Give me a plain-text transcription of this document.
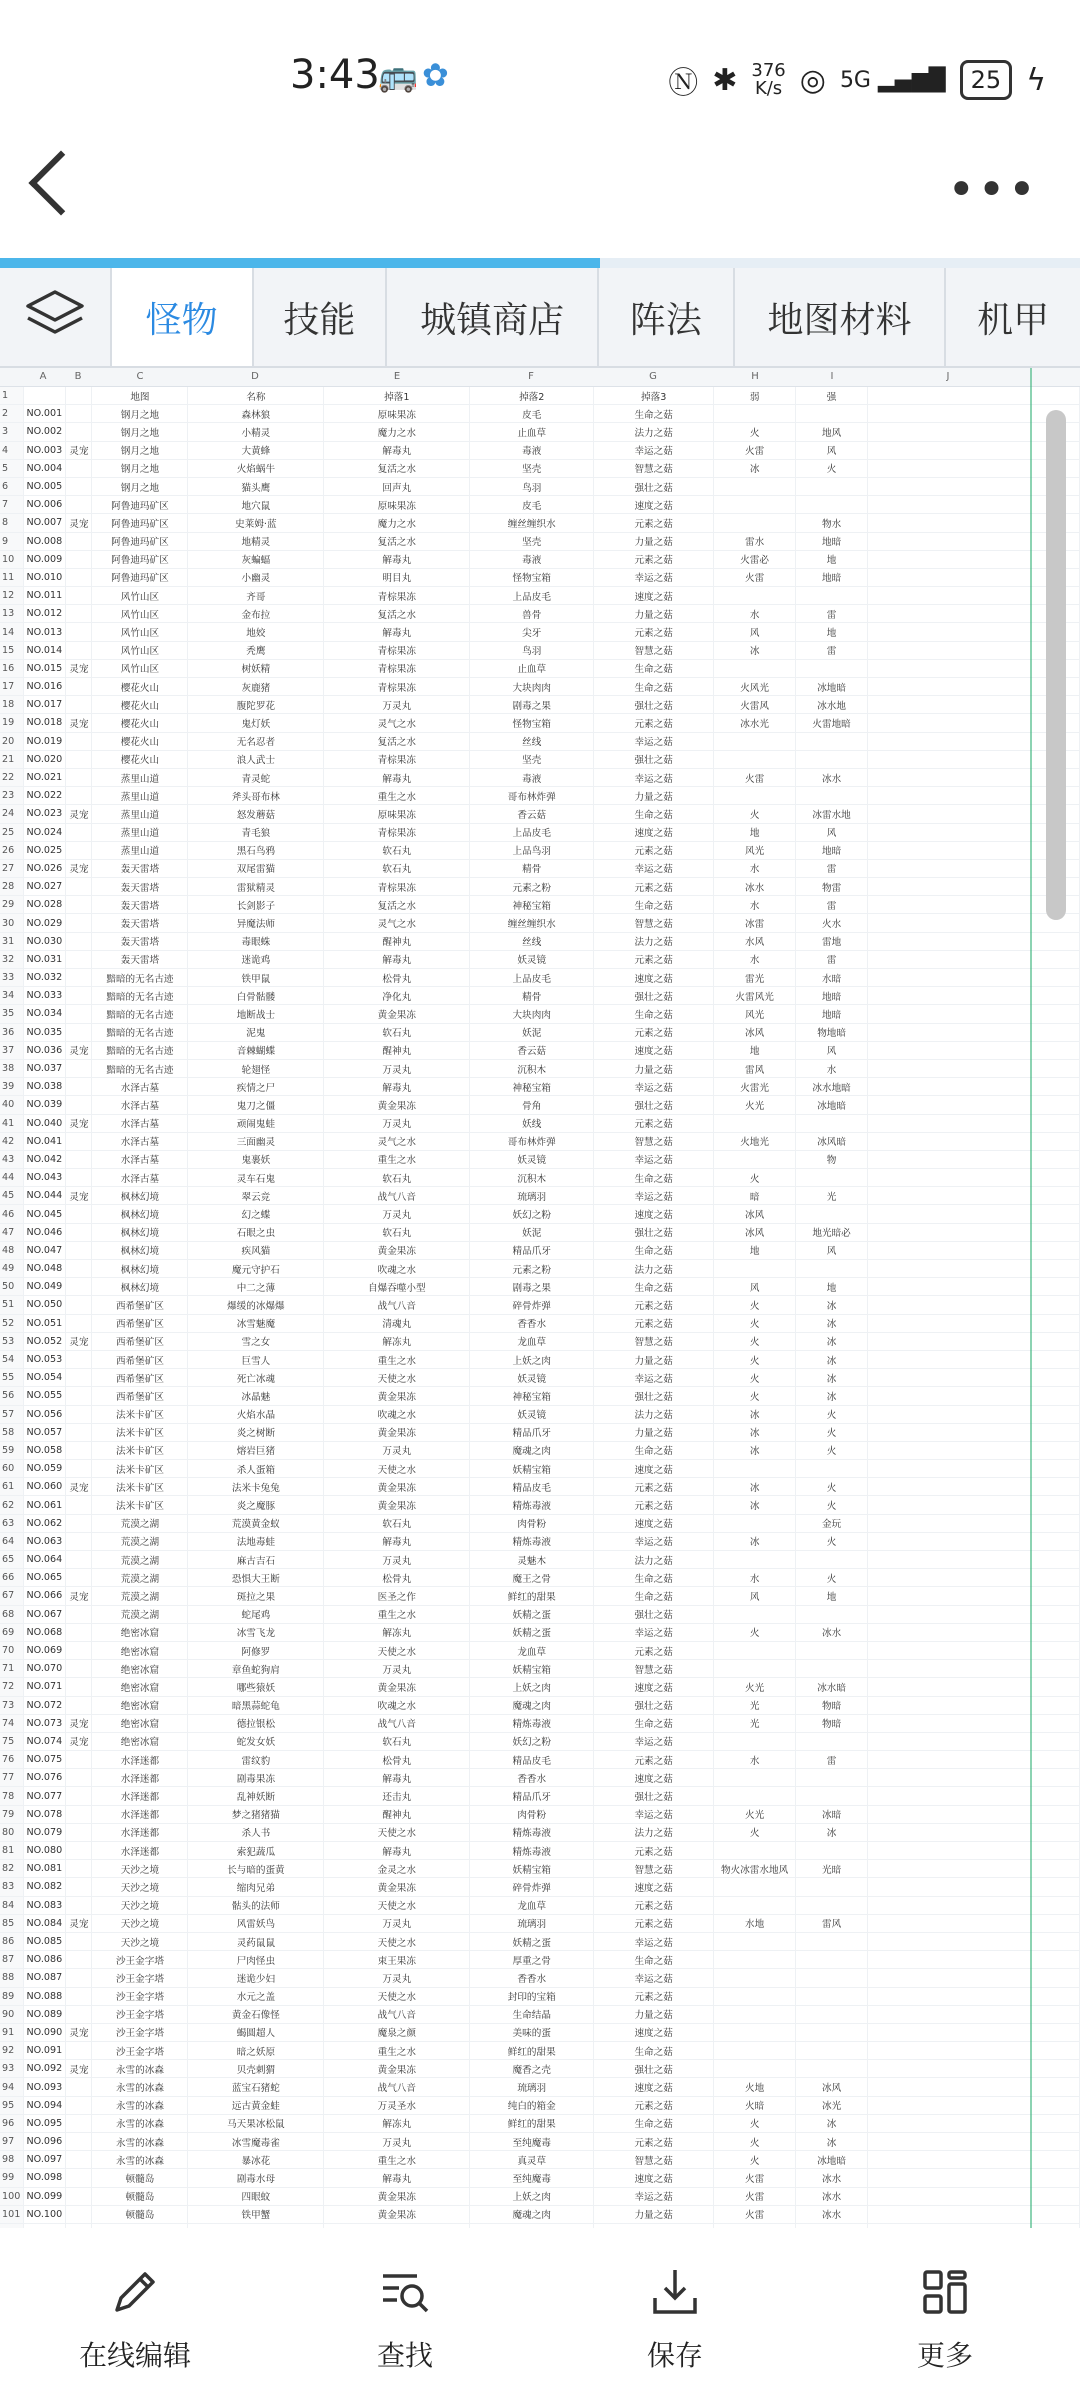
3:43
🚌 ✿	Ⓝ ✱ 376
K/s ◎ 5G ▂▄▆█	25 ϟ
•••
怪物	技能	城镇商店	阵法	地图材料	机甲
A	B	C	D	E	F	G	H	I	J
1			地图	名称	掉落1	掉落2	掉落3	弱	强	
2	NO.001		钢月之地	森林狼	原味果冻	皮毛	生命之菇			
3	NO.002		钢月之地	小精灵	魔力之水	止血草	法力之菇	火	地风	
4	NO.003	灵宠	钢月之地	大黄蜂	解毒丸	毒液	幸运之菇	火雷	风	
5	NO.004		钢月之地	火焰蜗牛	复活之水	坚壳	智慧之菇	冰	火	
6	NO.005		钢月之地	猫头鹰	回声丸	鸟羽	强壮之菇			
7	NO.006		阿鲁迪玛矿区	地穴鼠	原味果冻	皮毛	速度之菇			
8	NO.007	灵宠	阿鲁迪玛矿区	史莱姆·蓝	魔力之水	缠丝缠织水	元素之菇		物水	
9	NO.008		阿鲁迪玛矿区	地精灵	复活之水	坚壳	力量之菇	雷水	地暗	
10	NO.009		阿鲁迪玛矿区	灰蝙蝠	解毒丸	毒液	元素之菇	火雷必	地	
11	NO.010		阿鲁迪玛矿区	小幽灵	明目丸	怪物宝箱	幸运之菇	火雷	地暗	
12	NO.011		风竹山区	齐哥	青棕果冻	上品皮毛	速度之菇			
13	NO.012		风竹山区	金布拉	复活之水	兽骨	力量之菇	水	雷	
14	NO.013		风竹山区	地姣	解毒丸	尖牙	元素之菇	风	地	
15	NO.014		风竹山区	秃鹰	青棕果冻	鸟羽	智慧之菇	冰	雷	
16	NO.015	灵宠	风竹山区	树妖精	青棕果冻	止血草	生命之菇			
17	NO.016		樱花火山	灰鹿猪	青棕果冻	大块肉肉	生命之菇	火风光	冰地暗	
18	NO.017		樱花火山	腹陀罗花	万灵丸	剧毒之果	强壮之菇	火雷风	冰水地	
19	NO.018	灵宠	樱花火山	鬼灯妖	灵气之水	怪物宝箱	元素之菇	冰水光	火雷地暗	
20	NO.019		樱花火山	无名忍者	复活之水	丝线	幸运之菇			
21	NO.020		樱花火山	浪人武士	青棕果冻	坚壳	强壮之菇			
22	NO.021		蒸里山道	青灵蛇	解毒丸	毒液	幸运之菇	火雷	冰水	
23	NO.022		蒸里山道	斧头哥布林	重生之水	哥布林炸弹	力量之菇			
24	NO.023	灵宠	蒸里山道	怒发蘑菇	原味果冻	香云菇	生命之菇	火	冰雷水地	
25	NO.024		蒸里山道	青毛狼	青棕果冻	上品皮毛	速度之菇	地	风	
26	NO.025		蒸里山道	黑石鸟鸦	软石丸	上品鸟羽	元素之菇	风光	地暗	
27	NO.026	灵宠	轰天雷塔	双尾雷猫	软石丸	精骨	幸运之菇	水	雷	
28	NO.027		轰天雷塔	雷狱精灵	青棕果冻	元素之粉	元素之菇	冰水	物雷	
29	NO.028		轰天雷塔	长剑影子	复活之水	神秘宝箱	生命之菇	水	雷	
30	NO.029		轰天雷塔	异魔法师	灵气之水	缠丝缠织水	智慧之菇	冰雷	火水	
31	NO.030		轰天雷塔	毒眼蛛	醒神丸	丝线	法力之菇	水风	雷地	
32	NO.031		轰天雷塔	迷诡鸡	解毒丸	妖灵镜	元素之菇	水	雷	
33	NO.032		黯暗的无名古迹	铁甲鼠	松骨丸	上品皮毛	速度之菇	雷光	水暗	
34	NO.033		黯暗的无名古迹	白骨骷髅	净化丸	精骨	强壮之菇	火雷风光	地暗	
35	NO.034		黯暗的无名古迹	地断战士	黄金果冻	大块肉肉	生命之菇	风光	地暗	
36	NO.035		黯暗的无名古迹	泥鬼	软石丸	妖泥	元素之菇	冰风	物地暗	
37	NO.036	灵宠	黯暗的无名古迹	音棘蝴蝶	醒神丸	香云菇	速度之菇	地	风	
38	NO.037		黯暗的无名古迹	轮翅怪	万灵丸	沉积木	力量之菇	雷风	水	
39	NO.038		水泽古墓	疾情之尸	解毒丸	神秘宝箱	幸运之菇	火雷光	冰水地暗	
40	NO.039		水泽古墓	鬼刀之僵	黄金果冻	骨角	强壮之菇	火光	冰地暗	
41	NO.040	灵宠	水泽古墓	顽闹鬼蛙	万灵丸	妖线	元素之菇			
42	NO.041		水泽古墓	三面幽灵	灵气之水	哥布林炸弹	智慧之菇	火地光	冰风暗	
43	NO.042		水泽古墓	鬼裹妖	重生之水	妖灵镜	幸运之菇		物	
44	NO.043		水泽古墓	灵车石鬼	软石丸	沉积木	生命之菇	火		
45	NO.044	灵宠	枫林幻境	翠云竞	战气八音	琉璃羽	幸运之菇	暗	光	
46	NO.045		枫林幻境	幻之蝶	万灵丸	妖幻之粉	速度之菇	冰风		
47	NO.046		枫林幻境	石眼之虫	软石丸	妖泥	强壮之菇	冰风	地光暗必	
48	NO.047		枫林幻境	疾风猫	黄金果冻	精品爪牙	生命之菇	地	风	
49	NO.048		枫林幻境	魔元守护石	吹魂之水	元素之粉	法力之菇			
50	NO.049		枫林幻境	中二之薄	自爆吞噬小型	剧毒之果	生命之菇	风	地	
51	NO.050		西希堡矿区	爆缓的冰爆爆	战气八音	碎骨炸弹	元素之菇	火	冰	
52	NO.051		西希堡矿区	冰雪魅魔	清魂丸	香香水	元素之菇	火	冰	
53	NO.052	灵宠	西希堡矿区	雪之女	解冻丸	龙血草	智慧之菇	火	冰	
54	NO.053		西希堡矿区	巨雪人	重生之水	上妖之肉	力量之菇	火	冰	
55	NO.054		西希堡矿区	死亡冰魂	天使之水	妖灵镜	幸运之菇	火	冰	
56	NO.055		西希堡矿区	冰晶魅	黄金果冻	神秘宝箱	强壮之菇	火	冰	
57	NO.056		法米卡矿区	火焰水晶	吹魂之水	妖灵镜	法力之菇	冰	火	
58	NO.057		法米卡矿区	炎之树断	黄金果冻	精品爪牙	力量之菇	冰	火	
59	NO.058		法米卡矿区	熔岩巨猪	万灵丸	魔魂之肉	生命之菇	冰	火	
60	NO.059		法米卡矿区	杀人蛋箱	天使之水	妖精宝箱	速度之菇			
61	NO.060	灵宠	法米卡矿区	法米卡兔兔	黄金果冻	精品皮毛	元素之菇	冰	火	
62	NO.061		法米卡矿区	炎之魔豚	黄金果冻	精炼毒液	元素之菇	冰	火	
63	NO.062		荒漠之湖	荒漠黄金蚁	软石丸	肉骨粉	速度之菇		金玩	
64	NO.063		荒漠之湖	法地毒蛙	解毒丸	精炼毒液	幸运之菇	冰	火	
65	NO.064		荒漠之湖	麻古吉石	万灵丸	灵魅木	法力之菇			
66	NO.065		荒漠之湖	恐惧大王断	松骨丸	魔王之骨	生命之菇	水	火	
67	NO.066	灵宠	荒漠之湖	斑拉之果	医圣之作	鲜红的甜果	生命之菇	风	地	
68	NO.067		荒漠之湖	蛇尾鸡	重生之水	妖精之蛋	强壮之菇			
69	NO.068		绝密冰窟	冰雪飞龙	解冻丸	妖精之蛋	幸运之菇	火	冰水	
70	NO.069		绝密冰窟	阿修罗	天使之水	龙血草	元素之菇			
71	NO.070		绝密冰窟	章鱼蛇狗肩	万灵丸	妖精宝箱	智慧之菇			
72	NO.071		绝密冰窟	哪些猿妖	黄金果冻	上妖之肉	速度之菇	火光	冰水暗	
73	NO.072		绝密冰窟	暗黑蒜蛇龟	吹魂之水	魔魂之肉	强壮之菇	光	物暗	
74	NO.073	灵宠	绝密冰窟	德拉银松	战气八音	精炼毒液	生命之菇	光	物暗	
75	NO.074	灵宠	绝密冰窟	蛇发女妖	软石丸	妖幻之粉	幸运之菇			
76	NO.075		水泽迷都	雷纹豹	松骨丸	精品皮毛	元素之菇	水	雷	
77	NO.076		水泽迷都	剧毒果冻	解毒丸	香香水	速度之菇			
78	NO.077		水泽迷都	乱神妖断	还击丸	精品爪牙	强壮之菇			
79	NO.078		水泽迷都	梦之猪猪猫	醒神丸	肉骨粉	幸运之菇	火光	冰暗	
80	NO.079		水泽迷都	杀人书	天使之水	精炼毒液	法力之菇	火	冰	
81	NO.080		水泽迷都	索犯蔬瓜	解毒丸	精炼毒液	元素之菇			
82	NO.081		天沙之境	长与暗的蛋黄	金灵之水	妖精宝箱	智慧之菇	物火冰雷水地风	光暗	
83	NO.082		天沙之境	缩肉兄弟	黄金果冻	碎骨炸弹	速度之菇			
84	NO.083		天沙之境	骷头的法师	天使之水	龙血草	元素之菇			
85	NO.084	灵宠	天沙之境	风雷妖鸟	万灵丸	琉璃羽	元素之菇	水地	雷风	
86	NO.085		天沙之境	灵药鼠鼠	天使之水	妖精之蛋	幸运之菇			
87	NO.086		沙王金字塔	尸肉怪虫	束王果冻	厚重之骨	生命之菇			
88	NO.087		沙王金字塔	迷诡少妇	万灵丸	香香水	幸运之菇			
89	NO.088		沙王金字塔	水元之盖	天使之水	封印的宝箱	元素之菇			
90	NO.089		沙王金字塔	黄金石像怪	战气八音	生命结晶	力量之菇			
91	NO.090	灵宠	沙王金字塔	蝎圆超人	魔泉之颜	美味的蛋	速度之菇			
92	NO.091		沙王金字塔	暗之妖原	重生之水	鲜红的甜果	生命之菇			
93	NO.092	灵宠	永雪的冰森	贝壳刺猬	黄金果冻	魔香之壳	强壮之菇			
94	NO.093		永雪的冰森	蓝宝石猪蛇	战气八音	琉璃羽	速度之菇	火地	冰风	
95	NO.094		永雪的冰森	远古黄金蛙	万灵圣水	纯白的箱金	元素之菇	火暗	冰光	
96	NO.095		永雪的冰森	马天果冰松鼠	解冻丸	鲜红的甜果	生命之菇	火	冰	
97	NO.096		永雪的冰森	冰雪魔毒雀	万灵丸	至纯魔毒	元素之菇	火	冰	
98	NO.097		永雪的冰森	暴冰花	重生之水	真灵草	智慧之菇	火	冰地暗	
99	NO.098		顿髓岛	剧毒水母	解毒丸	至纯魔毒	速度之菇	火雷	冰水	
100	NO.099		顿髓岛	四眼蚊	黄金果冻	上妖之肉	幸运之菇	火雷	冰水	
101	NO.100		顿髓岛	铁甲蟹	黄金果冻	魔魂之肉	力量之菇	火雷	冰水	

在线编辑	查找	保存	更多
